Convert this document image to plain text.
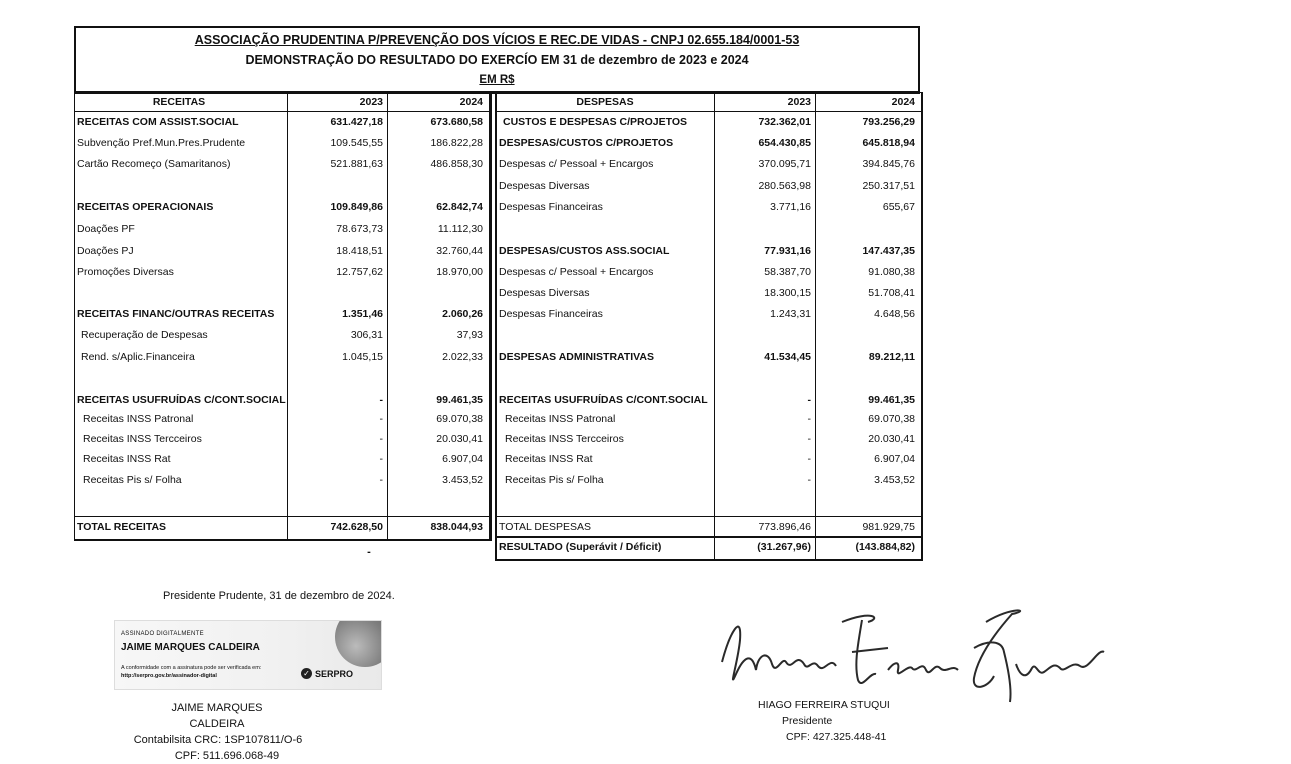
ASSOCIAÇÃO PRUDENTINA P/PREVENÇÃO DOS VÍCIOS E REC.DE VIDAS - CNPJ 02.655.184/0001-53
DEMONSTRAÇÃO DO RESULTADO DO EXERCÍO EM 31 de dezembro de 2023 e 2024
EM R$
RECEITAS	2023	2024
RECEITAS COM ASSIST.SOCIAL	631.427,18	673.680,58
Subvenção Pref.Mun.Pres.Prudente	109.545,55	186.822,28
Cartão Recomeço (Samaritanos)	521.881,63	486.858,30
RECEITAS OPERACIONAIS	109.849,86	62.842,74
Doações PF	78.673,73	11.112,30
Doações PJ	18.418,51	32.760,44
Promoções Diversas	12.757,62	18.970,00
RECEITAS FINANC/OUTRAS RECEITAS	1.351,46	2.060,26
Recuperação de Despesas	306,31	37,93
Rend. s/Aplic.Financeira	1.045,15	2.022,33
RECEITAS USUFRUÍDAS C/CONT.SOCIAL	-	99.461,35
Receitas INSS Patronal	-	69.070,38
Receitas INSS Tercceiros	-	20.030,41
Receitas INSS Rat	-	6.907,04
Receitas Pis s/ Folha	-	3.453,52
TOTAL RECEITAS	742.628,50	838.044,93
DESPESAS	2023	2024
CUSTOS E DESPESAS C/PROJETOS	732.362,01	793.256,29
DESPESAS/CUSTOS C/PROJETOS	654.430,85	645.818,94
Despesas c/ Pessoal + Encargos	370.095,71	394.845,76
Despesas Diversas	280.563,98	250.317,51
Despesas Financeiras	3.771,16	655,67
DESPESAS/CUSTOS ASS.SOCIAL	77.931,16	147.437,35
Despesas c/ Pessoal + Encargos	58.387,70	91.080,38
Despesas Diversas	18.300,15	51.708,41
Despesas Financeiras	1.243,31	4.648,56
DESPESAS ADMINISTRATIVAS	41.534,45	89.212,11
RECEITAS USUFRUÍDAS C/CONT.SOCIAL	-	99.461,35
Receitas INSS Patronal	-	69.070,38
Receitas INSS Tercceiros	-	20.030,41
Receitas INSS Rat	-	6.907,04
Receitas Pis s/ Folha	-	3.453,52
TOTAL DESPESAS	773.896,46	981.929,75
RESULTADO (Superávit / Déficit)	(31.267,96)	(143.884,82)
-
Presidente Prudente, 31 de dezembro de 2024.
ASSINADO DIGITALMENTE
JAIME MARQUES CALDEIRA
A conformidade com a assinatura pode ser verificada em:
http://serpro.gov.br/assinador-digital	✓ SERPRO
JAIME MARQUES CALDEIRA
Contabilsita CRC: 1SP107811/O-6
CPF: 511.696.068-49
HIAGO FERREIRA STUQUI
Presidente
CPF: 427.325.448-41
